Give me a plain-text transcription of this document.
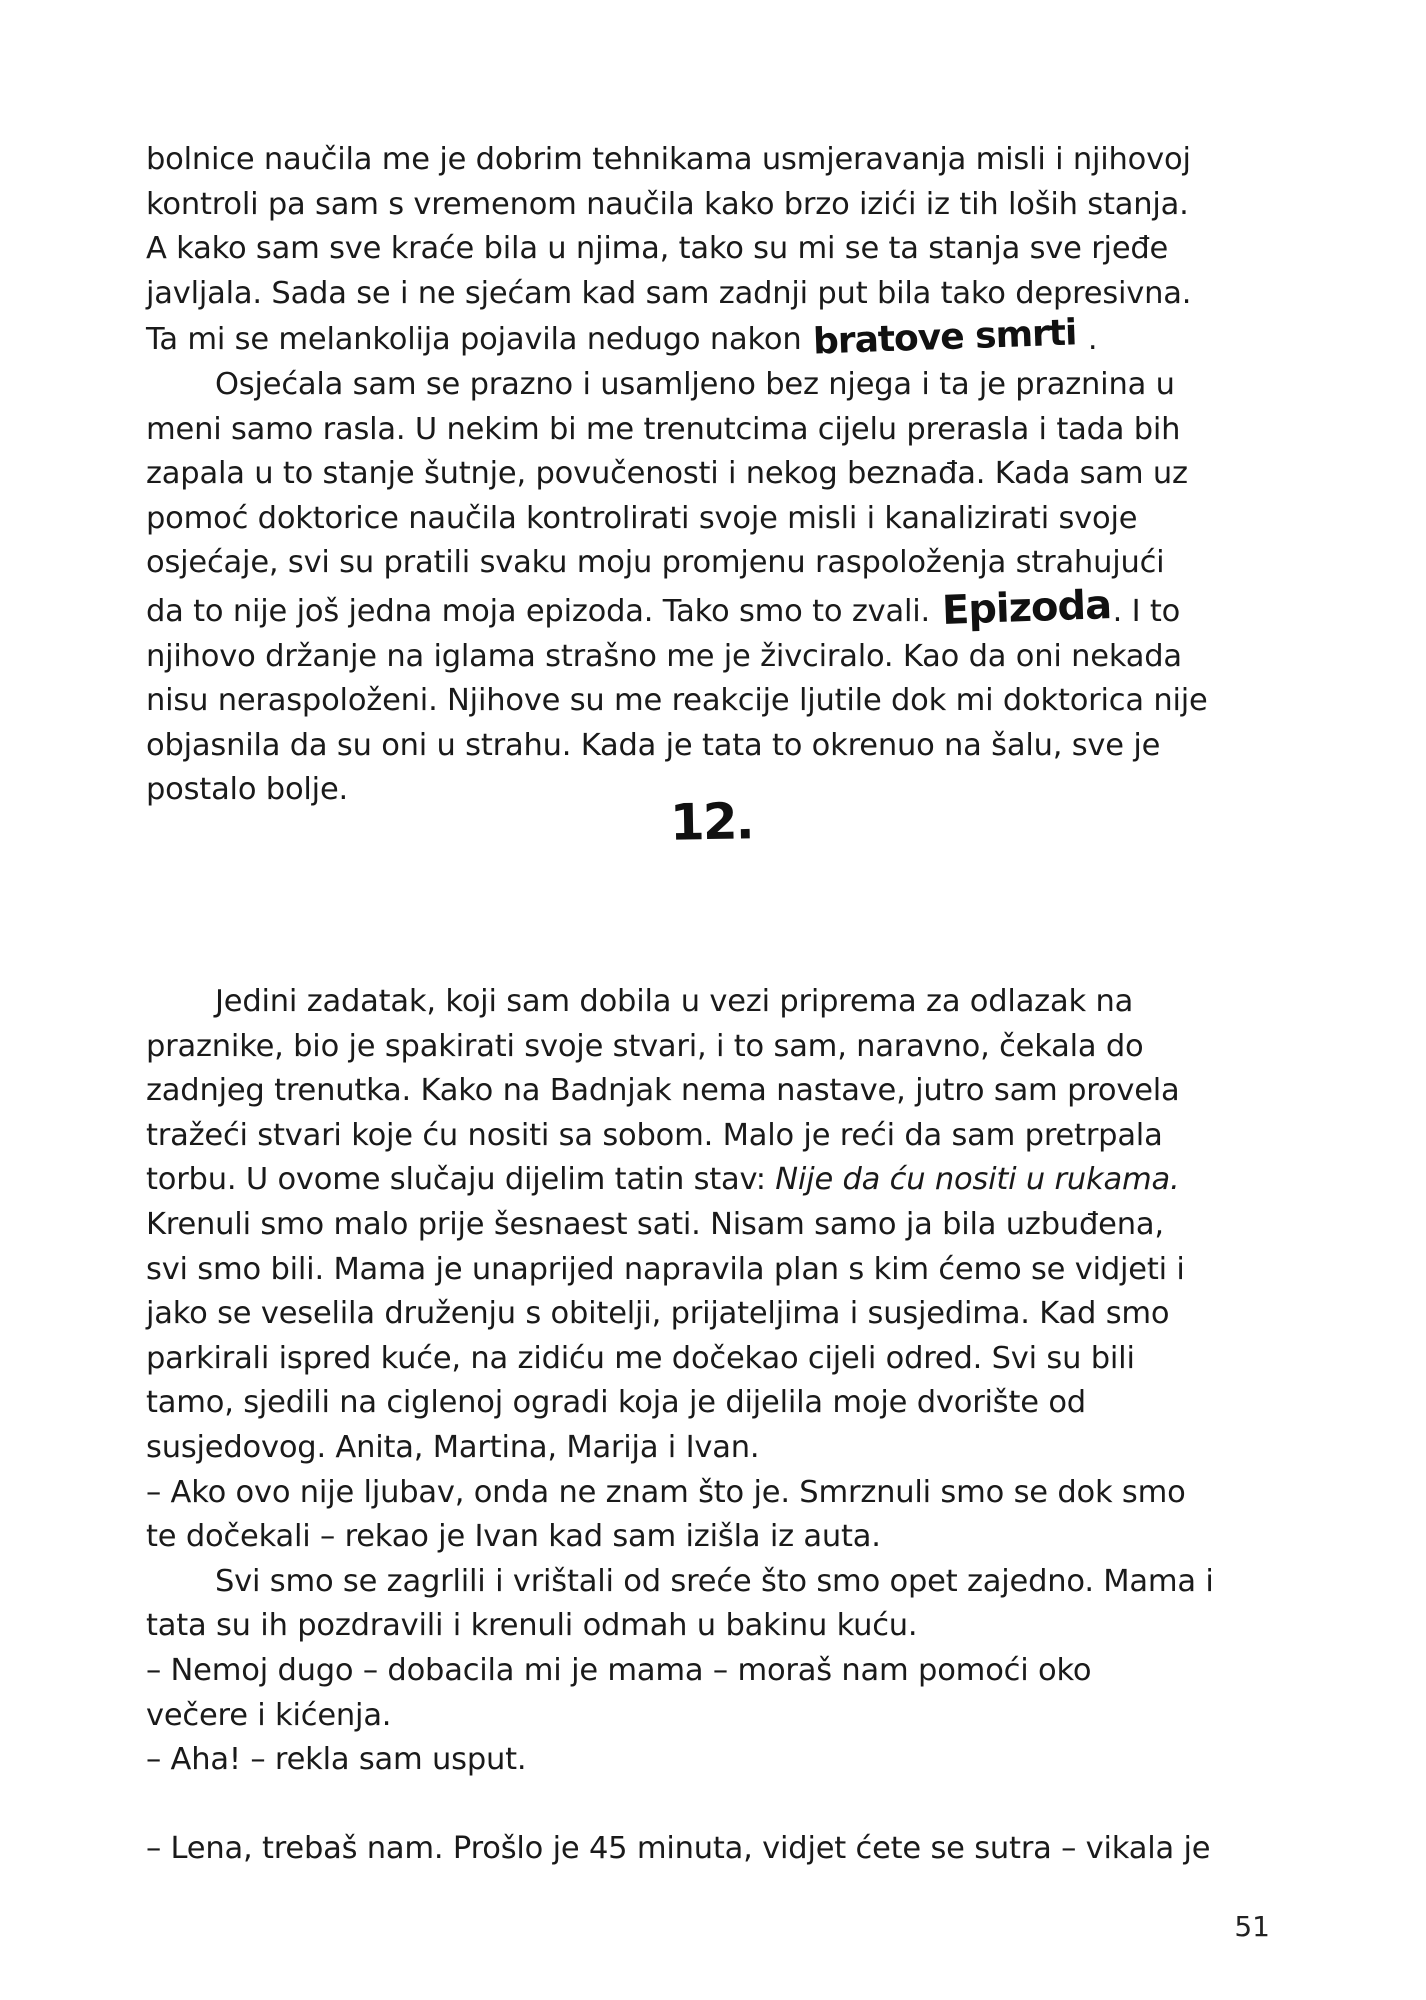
bolnice naučila me je dobrim tehnikama usmjeravanja misli i njihovoj
kontroli pa sam s vremenom naučila kako brzo izići iz tih loših stanja.
A kako sam sve kraće bila u njima, tako su mi se ta stanja sve rjeđe
javljala. Sada se i ne sjećam kad sam zadnji put bila tako depresivna.
Ta mi se melankolija pojavila nedugo nakon bratove smrti .
Osjećala sam se prazno i usamljeno bez njega i ta je praznina u
meni samo rasla. U nekim bi me trenutcima cijelu prerasla i tada bih
zapala u to stanje šutnje, povučenosti i nekog beznađa. Kada sam uz
pomoć doktorice naučila kontrolirati svoje misli i kanalizirati svoje
osjećaje, svi su pratili svaku moju promjenu raspoloženja strahujući
da to nije još jedna moja epizoda. Tako smo to zvali. Epizoda. I to
njihovo držanje na iglama strašno me je živciralo. Kao da oni nekada
nisu neraspoloženi. Njihove su me reakcije ljutile dok mi doktorica nije
objasnila da su oni u strahu. Kada je tata to okrenuo na šalu, sve je
postalo bolje.
12.
Jedini zadatak, koji sam dobila u vezi priprema za odlazak na
praznike, bio je spakirati svoje stvari, i to sam, naravno, čekala do
zadnjeg trenutka. Kako na Badnjak nema nastave, jutro sam provela
tražeći stvari koje ću nositi sa sobom. Malo je reći da sam pretrpala
torbu. U ovome slučaju dijelim tatin stav: Nije da ću nositi u rukama.
Krenuli smo malo prije šesnaest sati. Nisam samo ja bila uzbuđena,
svi smo bili. Mama je unaprijed napravila plan s kim ćemo se vidjeti i
jako se veselila druženju s obitelji, prijateljima i susjedima. Kad smo
parkirali ispred kuće, na zidiću me dočekao cijeli odred. Svi su bili
tamo, sjedili na ciglenoj ogradi koja je dijelila moje dvorište od
susjedovog. Anita, Martina, Marija i Ivan.
– Ako ovo nije ljubav, onda ne znam što je. Smrznuli smo se dok smo
te dočekali – rekao je Ivan kad sam izišla iz auta.
Svi smo se zagrlili i vrištali od sreće što smo opet zajedno. Mama i
tata su ih pozdravili i krenuli odmah u bakinu kuću.
– Nemoj dugo – dobacila mi je mama – moraš nam pomoći oko
večere i kićenja.
– Aha! – rekla sam usput.
– Lena, trebaš nam. Prošlo je 45 minuta, vidjet ćete se sutra – vikala je
51
